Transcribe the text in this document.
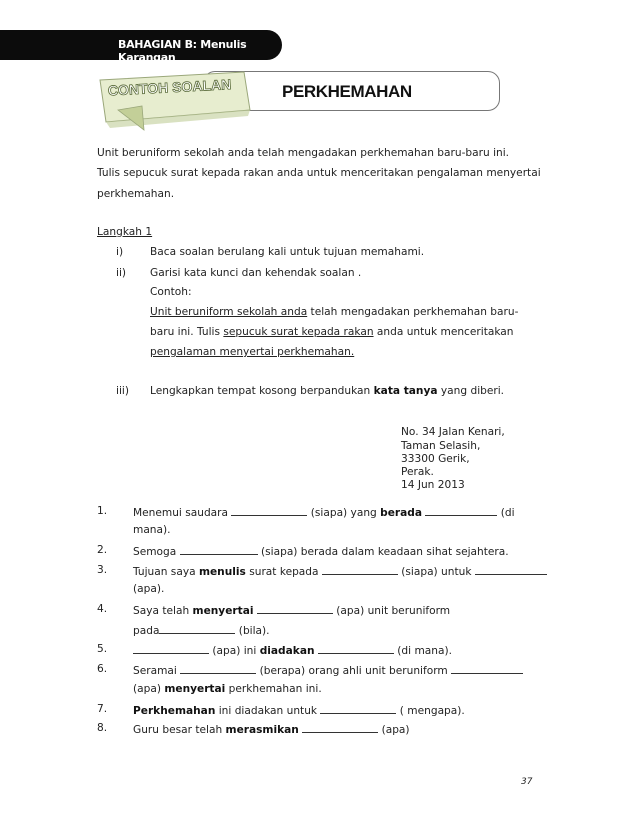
BAHAGIAN B: Menulis Karangan
PERKHEMAHAN
CONTOH SOALAN
Unit beruniform sekolah anda telah mengadakan perkhemahan baru-baru ini.
Tulis sepucuk surat kepada rakan anda untuk menceritakan pengalaman menyertai
perkhemahan.
Langkah 1
i)	Baca soalan berulang kali untuk tujuan memahami.
ii) Garisi kata kunci dan kehendak soalan .
Contoh:
Unit beruniform sekolah anda telah mengadakan perkhemahan baru-
baru ini. Tulis sepucuk surat kepada rakan anda untuk menceritakan
pengalaman menyertai perkhemahan.
iii) Lengkapkan tempat kosong berpandukan kata tanya yang diberi.
No. 34 Jalan Kenari,
Taman Selasih,
33300 Gerik,
Perak.
14 Jun 2013
1. Menemui saudara	(siapa) yang berada	(di
mana).
2. Semoga	(siapa) berada dalam keadaan sihat sejahtera.
3. Tujuan saya menulis surat kepada	(siapa) untuk
(apa).
4. Saya telah menyertai	(apa) unit beruniform
pada	(bila).
5.	(apa) ini diadakan	(di mana).
6. Seramai	(berapa) orang ahli unit beruniform
(apa) menyertai perkhemahan ini.
7. Perkhemahan ini diadakan untuk	( mengapa).
8. Guru besar telah merasmikan	(apa)
37
